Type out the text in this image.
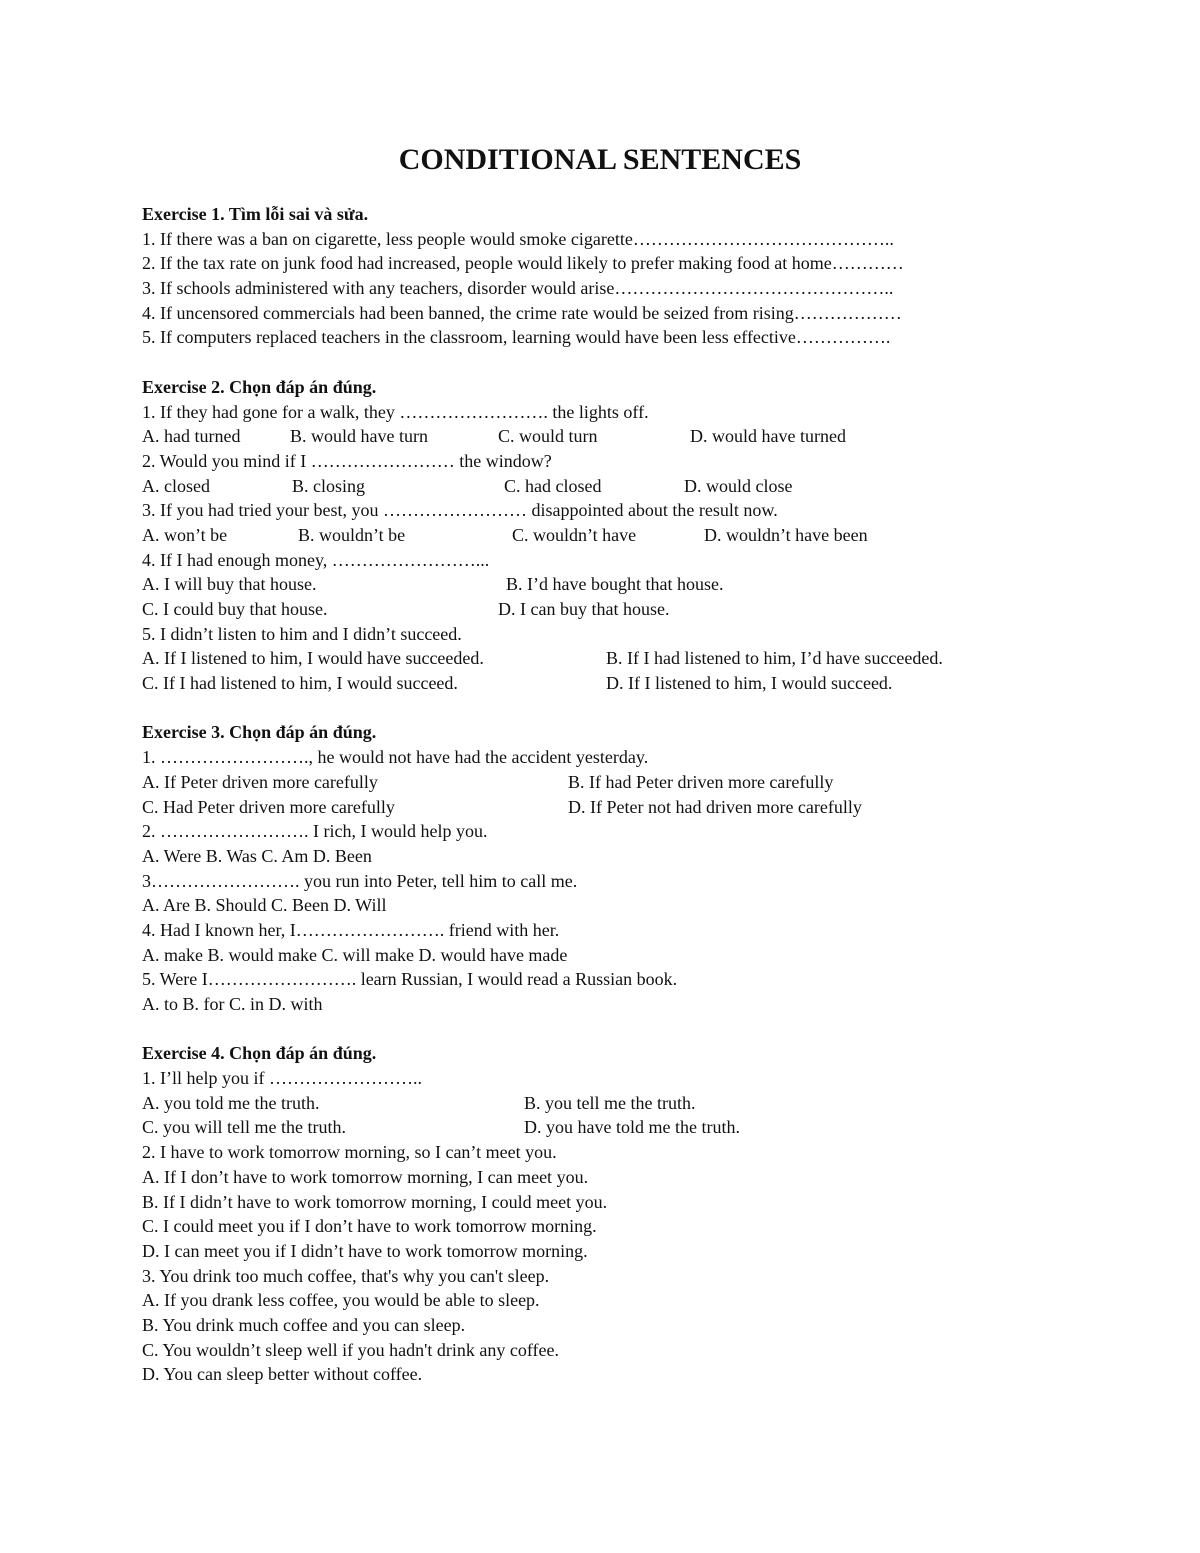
CONDITIONAL SENTENCES
Exercise 1. Tìm lỗi sai và sửa.
1. If there was a ban on cigarette, less people would smoke cigarette……………………………………..
2. If the tax rate on junk food had increased, people would likely to prefer making food at home…………
3. If schools administered with any teachers, disorder would arise………………………………………..
4. If uncensored commercials had been banned, the crime rate would be seized from rising………………
5. If computers replaced teachers in the classroom, learning would have been less effective…………….
Exercise 2. Chọn đáp án đúng.
1. If they had gone for a walk, they ……………………. the lights off.
A. had turned	B. would have turn	C. would turn	D. would have turned
2. Would you mind if I …………………… the window?
A. closed	B. closing	C. had closed	D. would close
3. If you had tried your best, you …………………… disappointed about the result now.
A. won’t be	B. wouldn’t be	C. wouldn’t have	D. wouldn’t have been
4. If I had enough money, ……………………...
A. I will buy that house.	B. I’d have bought that house.
C. I could buy that house.	D. I can buy that house.
5. I didn’t listen to him and I didn’t succeed.
A. If I listened to him, I would have succeeded.	B. If I had listened to him, I’d have succeeded.
C. If I had listened to him, I would succeed.	D. If I listened to him, I would succeed.
Exercise 3. Chọn đáp án đúng.
1. ……………………., he would not have had the accident yesterday.
A. If Peter driven more carefully	B. If had Peter driven more carefully
C. Had Peter driven more carefully	D. If Peter not had driven more carefully
2. ……………………. I rich, I would help you.
A. Were B. Was C. Am D. Been
3……………………. you run into Peter, tell him to call me.
A. Are B. Should C. Been D. Will
4. Had I known her, I……………………. friend with her.
A. make B. would make C. will make D. would have made
5. Were I……………………. learn Russian, I would read a Russian book.
A. to B. for C. in D. with
Exercise 4. Chọn đáp án đúng.
1. I’ll help you if ……………………..
A. you told me the truth.	B. you tell me the truth.
C. you will tell me the truth.	D. you have told me the truth.
2. I have to work tomorrow morning, so I can’t meet you.
A. If I don’t have to work tomorrow morning, I can meet you.
B. If I didn’t have to work tomorrow morning, I could meet you.
C. I could meet you if I don’t have to work tomorrow morning.
D. I can meet you if I didn’t have to work tomorrow morning.
3. You drink too much coffee, that's why you can't sleep.
A. If you drank less coffee, you would be able to sleep.
B. You drink much coffee and you can sleep.
C. You wouldn’t sleep well if you hadn't drink any coffee.
D. You can sleep better without coffee.
